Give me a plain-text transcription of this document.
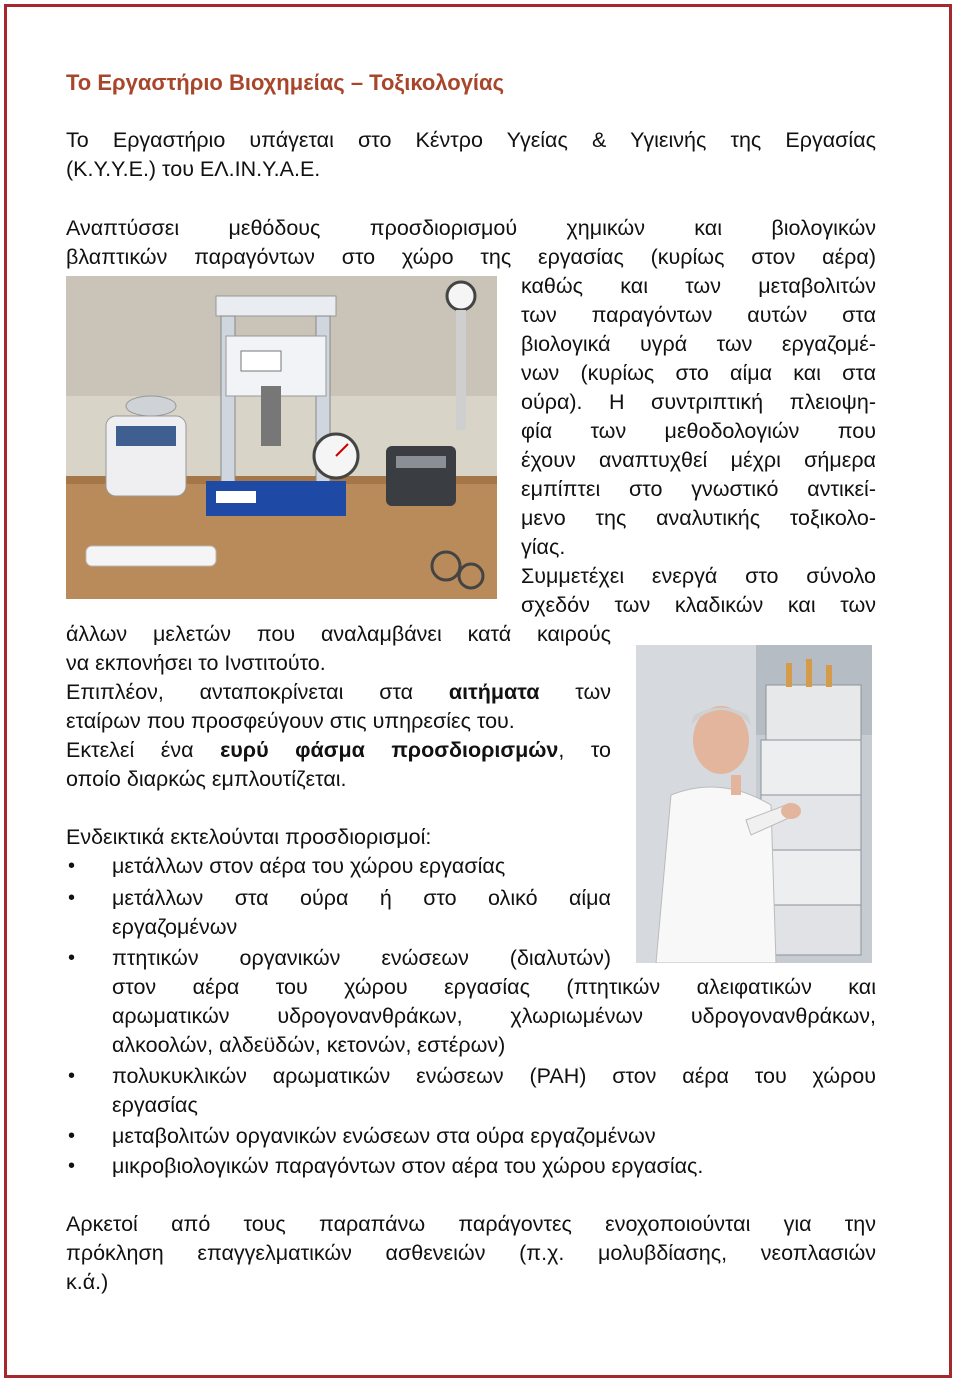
Το Εργαστήριο Βιοχημείας – Τοξικολογίας

Το Εργαστήριο υπάγεται στο Κέντρο Υγείας & Υγιεινής της Εργασίας

(Κ.Υ.Υ.Ε.) του ΕΛ.ΙΝ.Υ.Α.Ε.

Αναπτύσσει μεθόδους προσδιορισμού χημικών και βιολογικών

βλαπτικών παραγόντων στο χώρο της εργασίας (κυρίως στον αέρα)

καθώς και των μεταβολιτών

των παραγόντων αυτών στα

βιολογικά υγρά των εργαζομέ-

νων (κυρίως στο αίμα και στα

ούρα). Η συντριπτική πλειοψη-

φία των μεθοδολογιών που

έχουν αναπτυχθεί μέχρι σήμερα

εμπίπτει στο γνωστικό αντικεί-

μενο της αναλυτικής τοξικολο-

γίας.

Συμμετέχει ενεργά στο σύνολο

σχεδόν των κλαδικών και των

άλλων μελετών που αναλαμβάνει κατά καιρούς

να εκπονήσει το Ινστιτούτο.

Επιπλέον, ανταποκρίνεται στα αιτήματα των

εταίρων που προσφεύγουν στις υπηρεσίες του.

Εκτελεί ένα ευρύ φάσμα προσδιορισμών, το

οποίο διαρκώς εμπλουτίζεται.

Ενδεικτικά εκτελούνται προσδιορισμοί:

• μετάλλων στον αέρα του χώρου εργασίας

• μετάλλων στα ούρα ή στο ολικό αίμα

εργαζομένων

• πτητικών οργανικών ενώσεων (διαλυτών)

στον αέρα του χώρου εργασίας (πτητικών αλειφατικών και

αρωματικών υδρογονανθράκων, χλωριωμένων υδρογονανθράκων,

αλκοολών, αλδεϋδών, κετονών, εστέρων)

• πολυκυκλικών αρωματικών ενώσεων (PAH) στον αέρα του χώρου

εργασίας

• μεταβολιτών οργανικών ενώσεων στα ούρα εργαζομένων

• μικροβιολογικών παραγόντων στον αέρα του χώρου εργασίας.

Αρκετοί από τους παραπάνω παράγοντες ενοχοποιούνται για την

πρόκληση επαγγελματικών ασθενειών (π.χ. μολυβδίασης, νεοπλασιών

κ.ά.)
